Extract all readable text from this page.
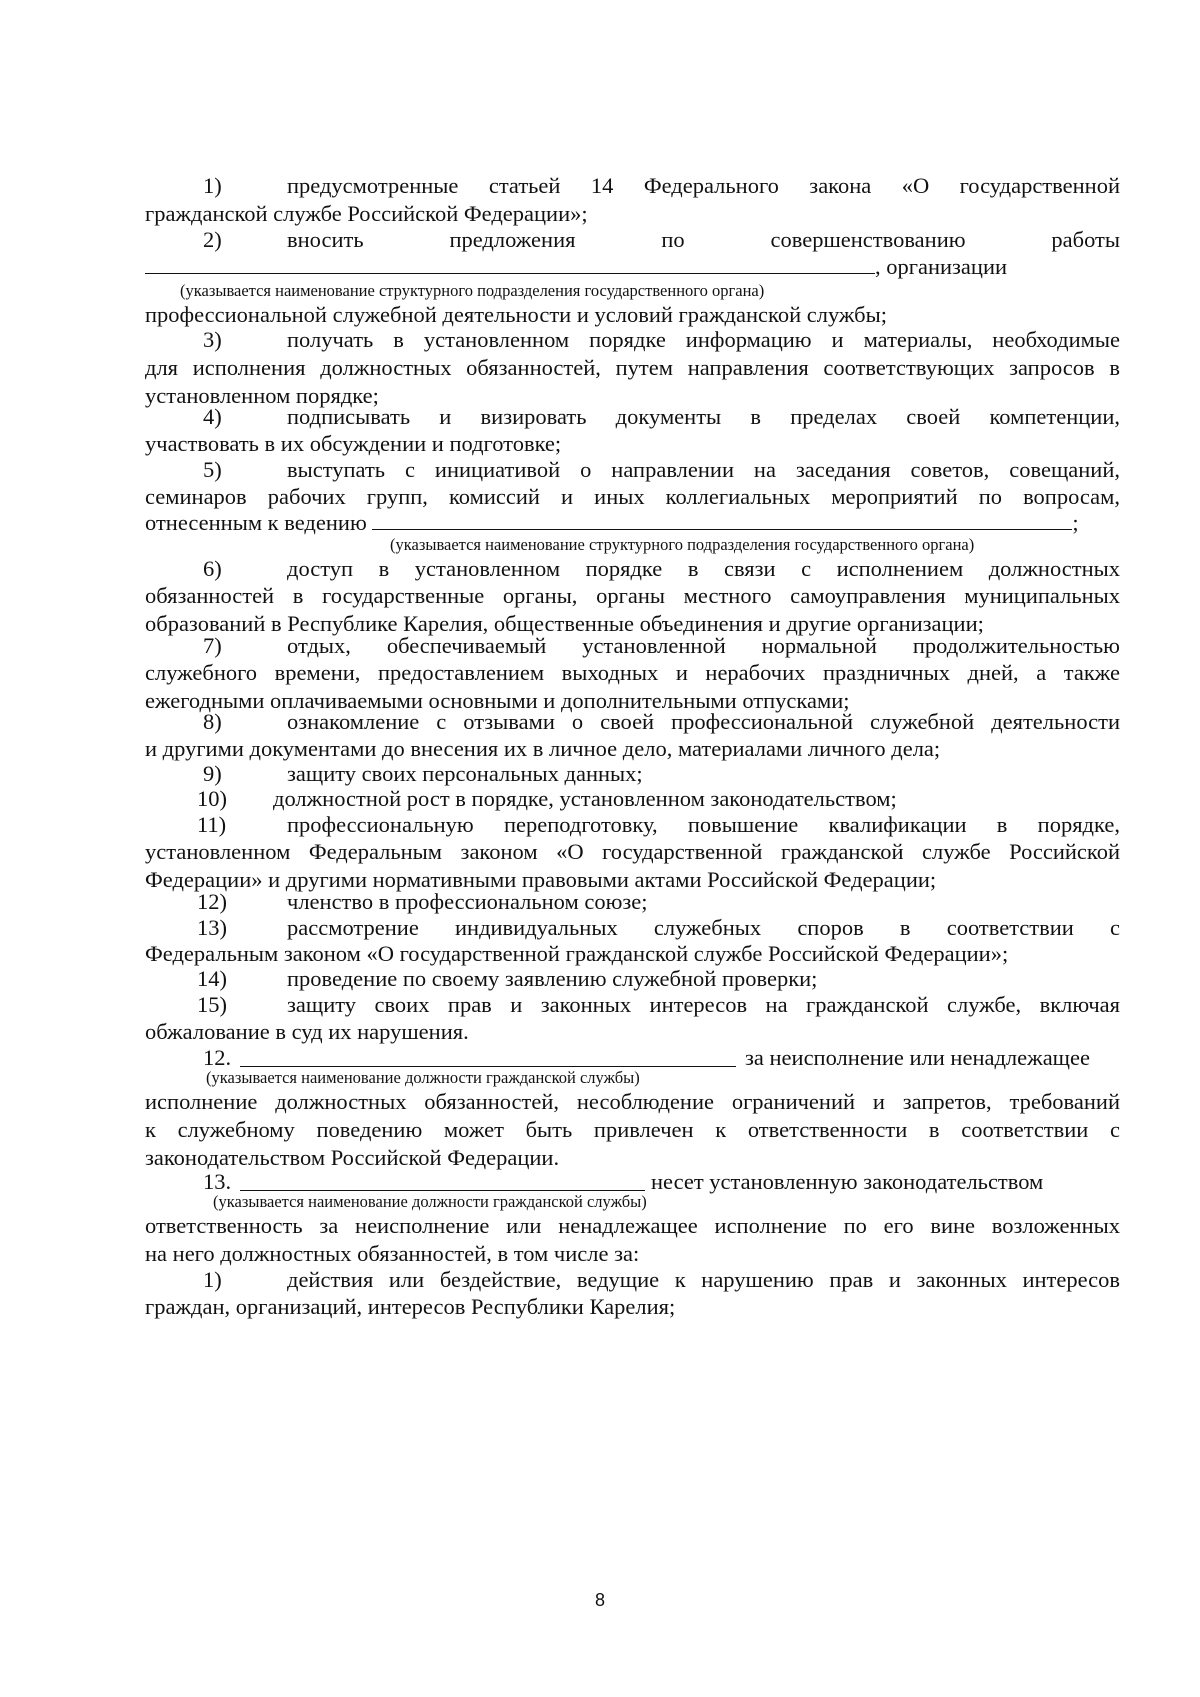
1)	предусмотренные статьей 14 Федерального закона «О государственной
гражданской службе Российской Федерации»;
2)	вносить предложения по совершенствованию работы
, организации
(указывается наименование структурного подразделения государственного органа)
профессиональной служебной деятельности и условий гражданской службы;
3)	получать в установленном порядке информацию и материалы, необходимые
для исполнения должностных обязанностей, путем направления соответствующих запросов в
установленном порядке;
4)	подписывать и визировать документы в пределах своей компетенции,
участвовать в их обсуждении и подготовке;
5)	выступать с инициативой о направлении на заседания советов, совещаний,
семинаров рабочих групп, комиссий и иных коллегиальных мероприятий по вопросам,
отнесенным к ведению	;
(указывается наименование структурного подразделения государственного органа)
6)	доступ в установленном порядке в связи с исполнением должностных
обязанностей в государственные органы, органы местного самоуправления муниципальных
образований в Республике Карелия, общественные объединения и другие организации;
7)	отдых, обеспечиваемый установленной нормальной продолжительностью
служебного времени, предоставлением выходных и нерабочих праздничных дней, а также
ежегодными оплачиваемыми основными и дополнительными отпусками;
8)	ознакомление с отзывами о своей профессиональной служебной деятельности
и другими документами до внесения их в личное дело, материалами личного дела;
9)	защиту своих персональных данных;
10) должностной рост в порядке, установленном законодательством;
11)	профессиональную переподготовку, повышение квалификации в порядке,
установленном Федеральным законом «О государственной гражданской службе Российской
Федерации» и другими нормативными правовыми актами Российской Федерации;
12)	членство в профессиональном союзе;
13)	рассмотрение индивидуальных служебных споров в соответствии с
Федеральным законом «О государственной гражданской службе Российской Федерации»;
14)	проведение по своему заявлению служебной проверки;
15)	защиту своих прав и законных интересов на гражданской службе, включая
обжалование в суд их нарушения.
12.	за неисполнение или ненадлежащее
(указывается наименование должности гражданской службы)
исполнение должностных обязанностей, несоблюдение ограничений и запретов, требований
к служебному поведению может быть привлечен к ответственности в соответствии с
законодательством Российской Федерации.
13.	несет установленную законодательством
(указывается наименование должности гражданской службы)
ответственность за неисполнение или ненадлежащее исполнение по его вине возложенных
на него должностных обязанностей, в том числе за:
1)	действия или бездействие, ведущие к нарушению прав и законных интересов
граждан, организаций, интересов Республики Карелия;
8
